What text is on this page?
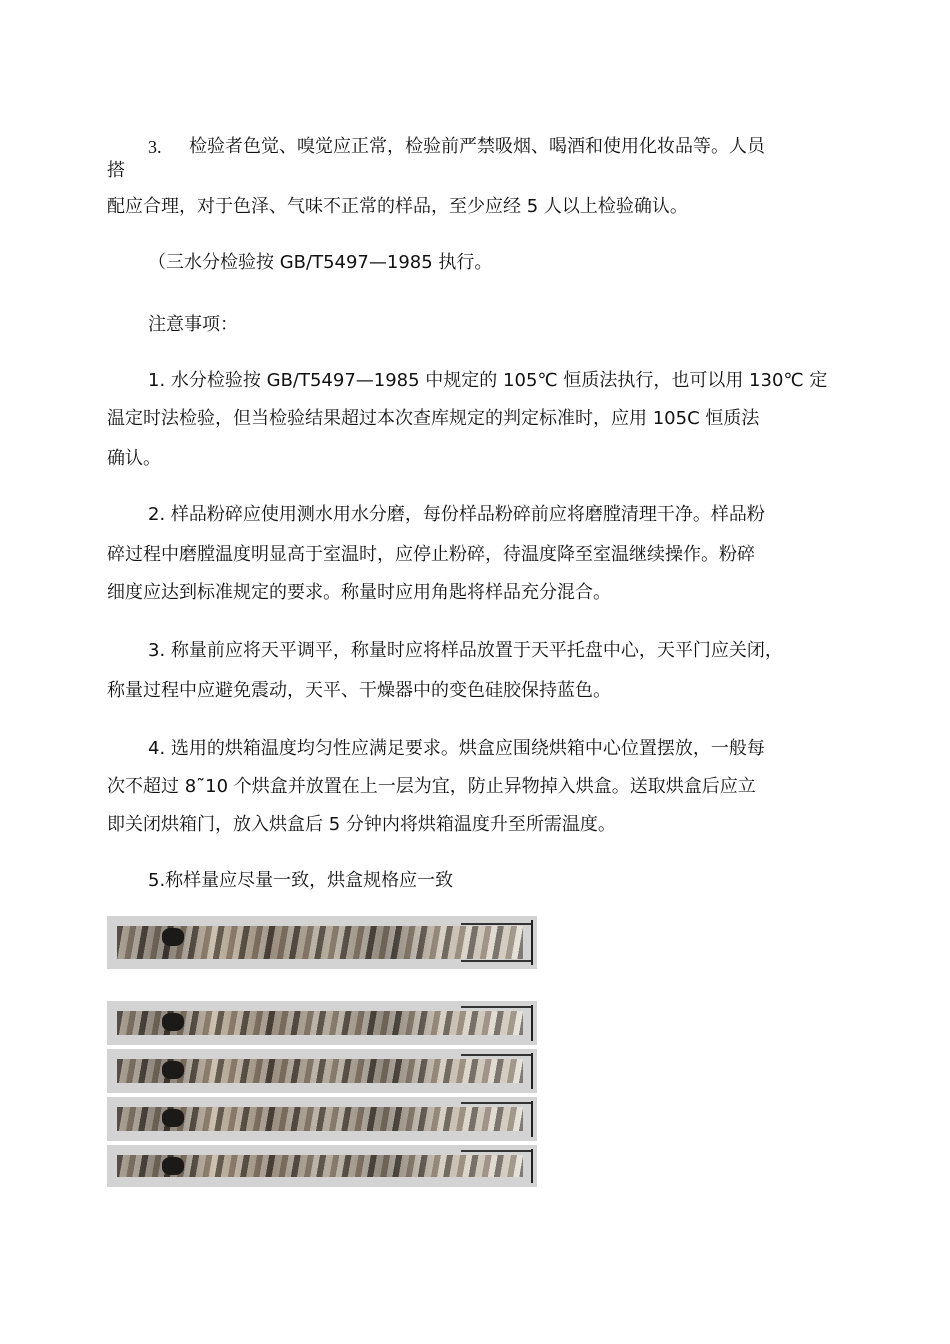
3. 检验者色觉、嗅觉应正常，检验前严禁吸烟、喝酒和使用化妆品等。人员
搭
配应合理，对于色泽、气味不正常的样品，至少应经 5 人以上检验确认。
（三水分检验按 GB/T5497—1985 执行。
注意事项：
1. 水分检验按 GB/T5497—1985 中规定的 105℃ 恒质法执行，也可以用 130℃ 定
温定时法检验，但当检验结果超过本次查库规定的判定标准时，应用 105C 恒质法
确认。
2. 样品粉碎应使用测水用水分磨，每份样品粉碎前应将磨膛清理干净。样品粉
碎过程中磨膛温度明显高于室温时，应停止粉碎，待温度降至室温继续操作。粉碎
细度应达到标准规定的要求。称量时应用角匙将样品充分混合。
3. 称量前应将天平调平，称量时应将样品放置于天平托盘中心，天平门应关闭，
称量过程中应避免震动，天平、干燥器中的变色硅胶保持蓝色。
4. 选用的烘箱温度均匀性应满足要求。烘盒应围绕烘箱中心位置摆放，一般每
次不超过 8˜10 个烘盒并放置在上一层为宜，防止异物掉入烘盒。送取烘盒后应立
即关闭烘箱门，放入烘盒后 5 分钟内将烘箱温度升至所需温度。
5.称样量应尽量一致，烘盒规格应一致
